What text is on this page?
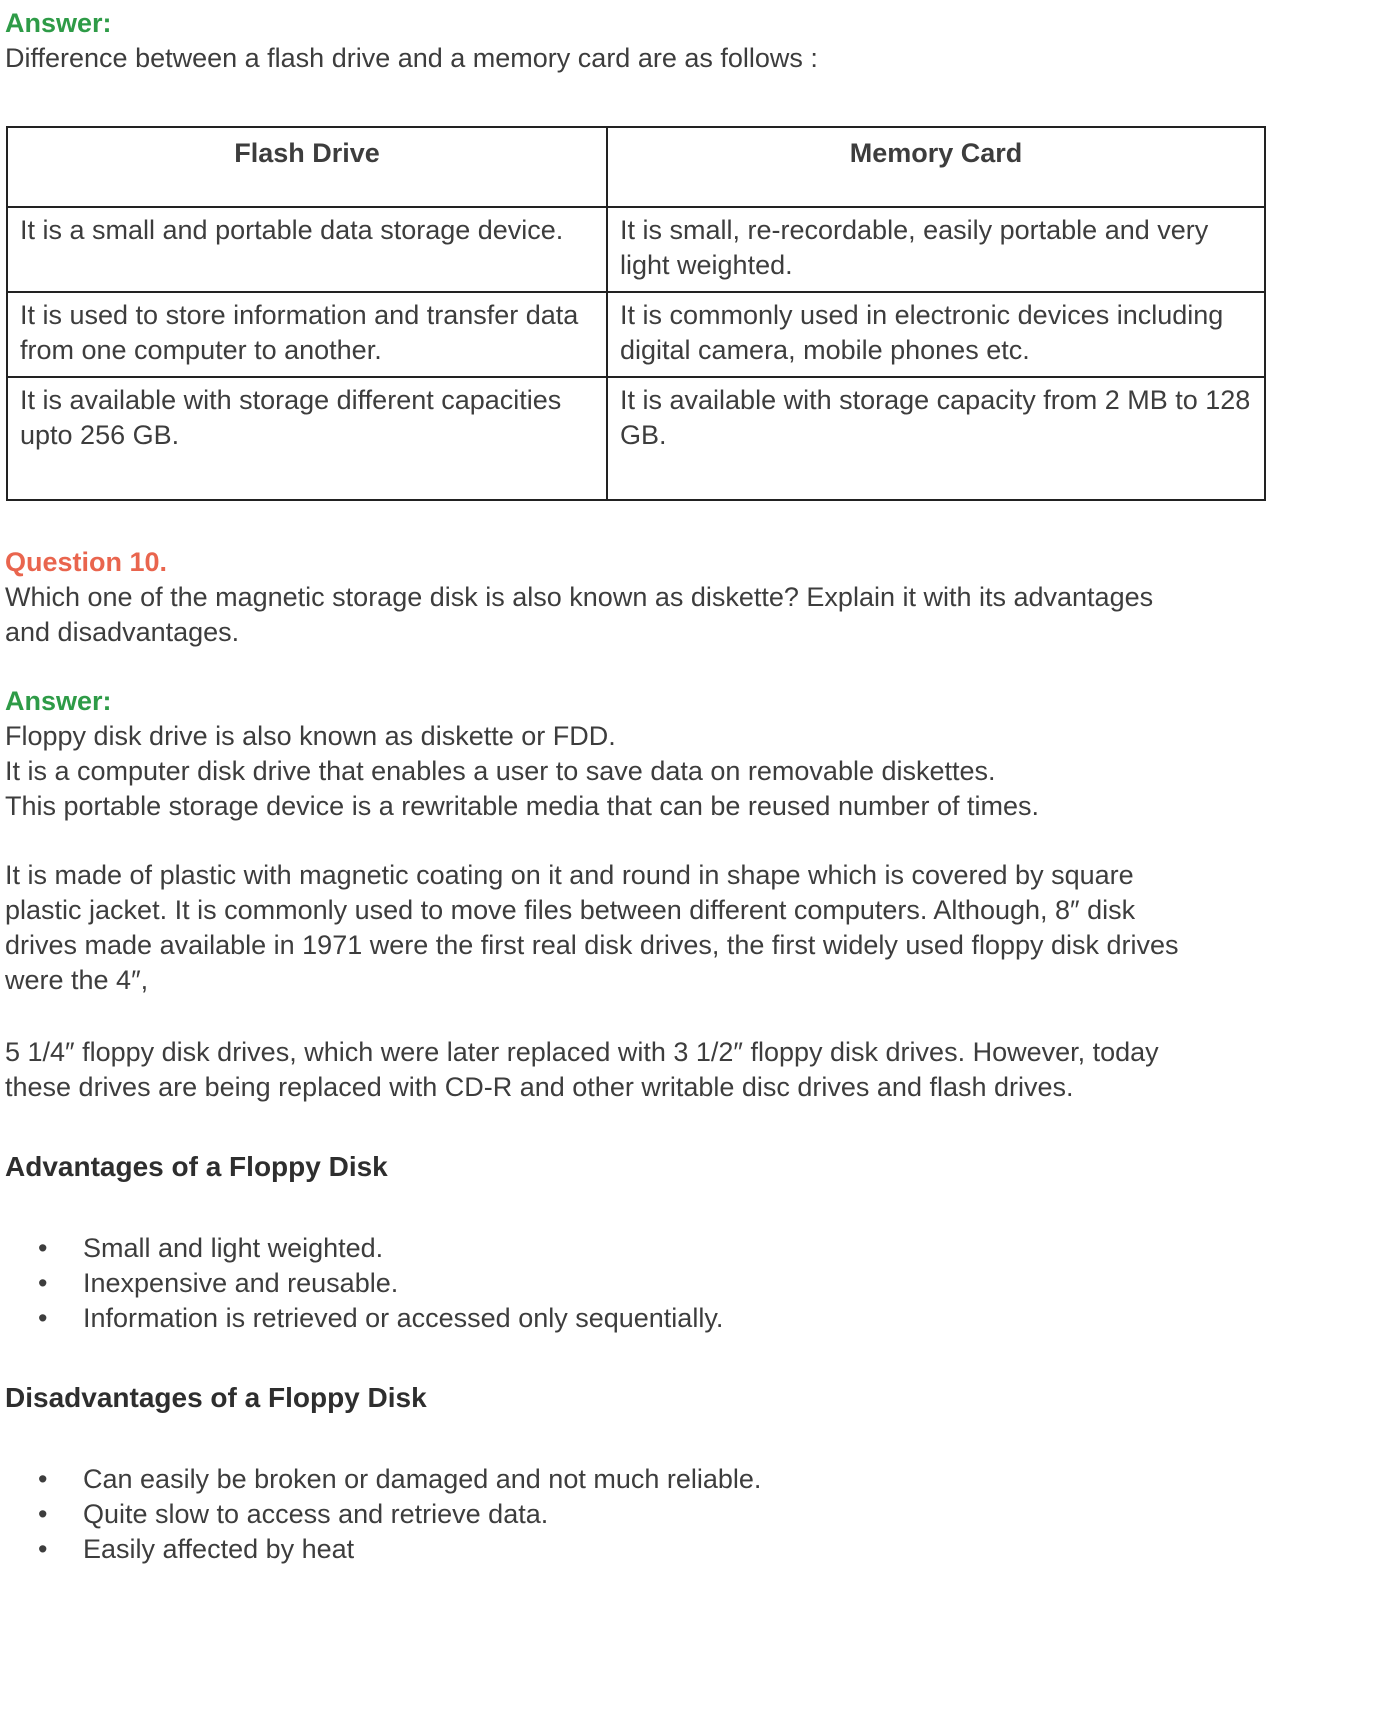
Answer:

Difference between a flash drive and a memory card are as follows :

Flash Drive	Memory Card
It is a small and portable data storage device.	It is small, re-recordable, easily portable and very light weighted.
It is used to store information and transfer data from one computer to another.	It is commonly used in electronic devices including digital camera, mobile phones etc.
It is available with storage different capacities upto 256 GB.	It is available with storage capacity from 2 MB to 128 GB.
Question 10.

Which one of the magnetic storage disk is also known as diskette? Explain it with its advantages and disadvantages.

Answer:

Floppy disk drive is also known as diskette or FDD.

It is a computer disk drive that enables a user to save data on removable diskettes.

This portable storage device is a rewritable media that can be reused number of times.

It is made of plastic with magnetic coating on it and round in shape which is covered by square plastic jacket. It is commonly used to move files between different computers. Although, 8″ disk drives made available in 1971 were the first real disk drives, the first widely used floppy disk drives were the 4″,

5 1/4″ floppy disk drives, which were later replaced with 3 1/2″ floppy disk drives. However, today these drives are being replaced with CD-R and other writable disc drives and flash drives.

Advantages of a Floppy Disk
• Small and light weighted.
• Inexpensive and reusable.
• Information is retrieved or accessed only sequentially.
Disadvantages of a Floppy Disk
• Can easily be broken or damaged and not much reliable.
• Quite slow to access and retrieve data.
• Easily affected by heat
